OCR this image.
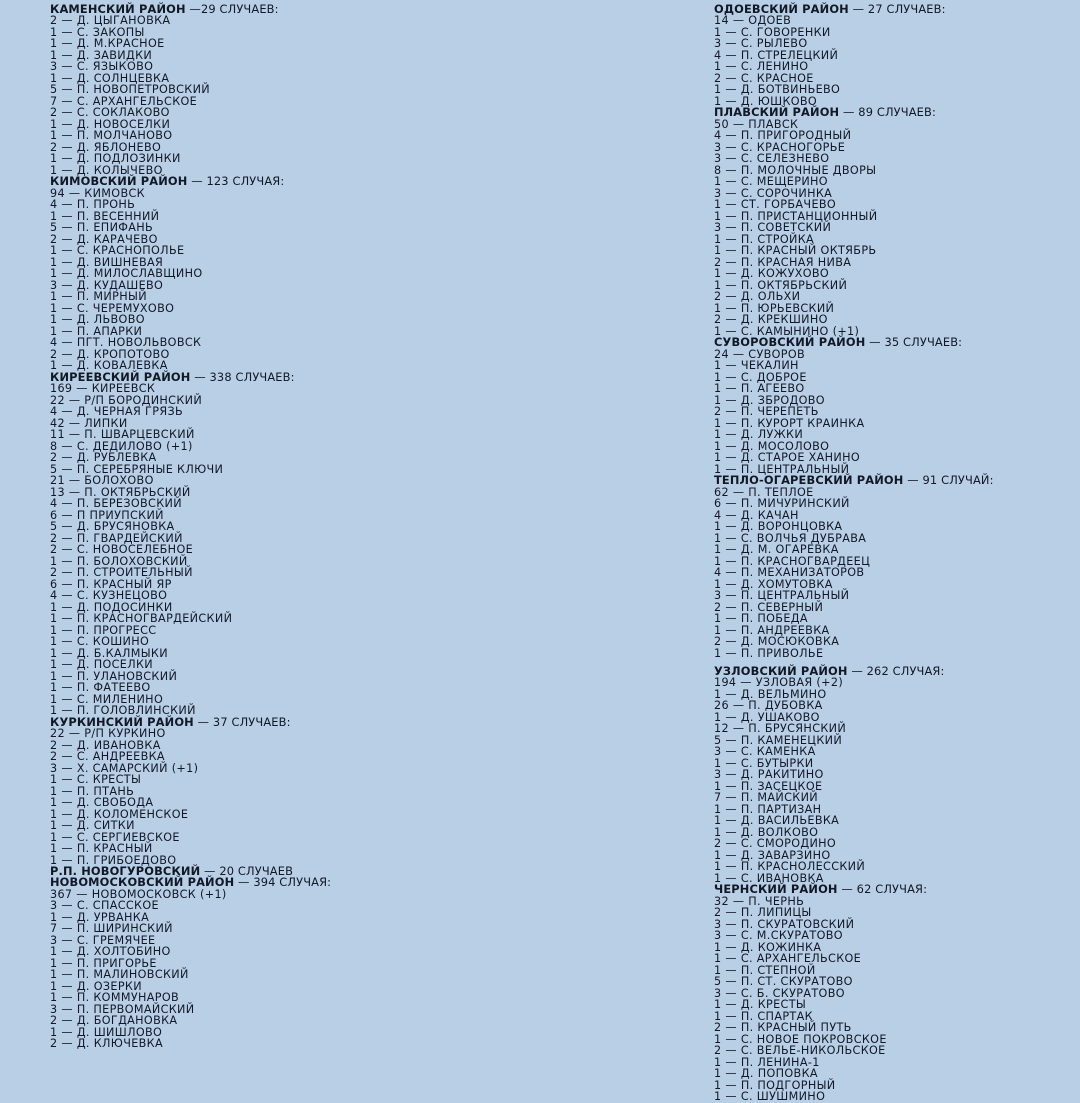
КАМЕНСКИЙ РАЙОН —29 СЛУЧАЕВ:
2 — Д. ЦЫГАНОВКА
1 — С. ЗАКОПЫ
1 — Д. М.КРАСНОЕ
1 — Д. ЗАВИДКИ
3 — С. ЯЗЫКОВО
1 — Д. СОЛНЦЕВКА
5 — П. НОВОПЕТРОВСКИЙ
7 — С. АРХАНГЕЛЬСКОЕ
2 — С. СОКЛАКОВО
1 — Д. НОВОСЕЛКИ
1 — П. МОЛЧАНОВО
2 — Д. ЯБЛОНЕВО
1 — Д. ПОДЛОЗИНКИ
1 — Д. КОЛЫЧЕВО
КИМОВСКИЙ РАЙОН — 123 СЛУЧАЯ:
94 — КИМОВСК
4 — П. ПРОНЬ
1 — П. ВЕСЕННИЙ
5 — П. ЕПИФАНЬ
2 — Д. КАРАЧЕВО
1 — С. КРАСНОПОЛЬЕ
1 — Д. ВИШНЕВАЯ
1 — Д. МИЛОСЛАВЩИНО
3 — Д. КУДАШЕВО
1 — П. МИРНЫЙ
1 — С. ЧЕРЕМУХОВО
1 — Д. ЛЬВОВО
1 — П. АПАРКИ
4 — ПГТ. НОВОЛЬВОВСК
2 — Д. КРОПОТОВО
1 — Д. КОВАЛЕВКА
КИРЕЕВСКИЙ РАЙОН — 338 СЛУЧАЕВ:
169 — КИРЕЕВСК
22 — Р/П БОРОДИНСКИЙ
4 — Д. ЧЕРНАЯ ГРЯЗЬ
42 — ЛИПКИ
11 — П. ШВАРЦЕВСКИЙ
8 — С. ДЕДИЛОВО (+1)
2 — Д. РУБЛЕВКА
5 — П. СЕРЕБРЯНЫЕ КЛЮЧИ
21 — БОЛОХОВО
13 — П. ОКТЯБРЬСКИЙ
4 — П. БЕРЕЗОВСКИЙ
6 — П ПРИУПСКИЙ
5 — Д. БРУСЯНОВКА
2 — П. ГВАРДЕЙСКИЙ
2 — С. НОВОСЕЛЕБНОЕ
1 — П. БОЛОХОВСКИЙ
2 — П. СТРОИТЕЛЬНЫЙ
6 — П. КРАСНЫЙ ЯР
4 — С. КУЗНЕЦОВО
1 — Д. ПОДОСИНКИ
1 — П. КРАСНОГВАРДЕЙСКИЙ
1 — П. ПРОГРЕСС
1 — С. КОШИНО
1 — Д. Б.КАЛМЫКИ
1 — Д. ПОСЕЛКИ
1 — П. УЛАНОВСКИЙ
1 — П. ФАТЕЕВО
1 — С. МИЛЕНИНО
1 — П. ГОЛОВЛИНСКИЙ
КУРКИНСКИЙ РАЙОН — 37 СЛУЧАЕВ:
22 — Р/П КУРКИНО
2 — Д. ИВАНОВКА
2 — С. АНДРЕЕВКА
3 — Х. САМАРСКИЙ (+1)
1 — С. КРЕСТЫ
1 — П. ПТАНЬ
1 — Д. СВОБОДА
1 — Д. КОЛОМЕНСКОЕ
1 — Д. СИТКИ
1 — С. СЕРГИЕВСКОЕ
1 — П. КРАСНЫЙ
1 — П. ГРИБОЕДОВО
Р.П. НОВОГУРОВСКИЙ — 20 СЛУЧАЕВ
НОВОМОСКОВСКИЙ РАЙОН — 394 СЛУЧАЯ:
367 — НОВОМОСКОВСК (+1)
3 — С. СПАССКОЕ
1 — Д. УРВАНКА
7 — П. ШИРИНСКИЙ
3 — С. ГРЕМЯЧЕЕ
1 — Д. ХОЛТОБИНО
1 — П. ПРИГОРЬЕ
1 — П. МАЛИНОВСКИЙ
1 — Д. ОЗЕРКИ
1 — П. КОММУНАРОВ
3 — П. ПЕРВОМАЙСКИЙ
2 — Д. БОГДАНОВКА
1 — Д. ШИШЛОВО
2 — Д. КЛЮЧЕВКА
ОДОЕВСКИЙ РАЙОН — 27 СЛУЧАЕВ:
14 — ОДОЕВ
1 — С. ГОВОРЕНКИ
3 — С. РЫЛЕВО
4 — П. СТРЕЛЕЦКИЙ
1 — С. ЛЕНИНО
2 — С. КРАСНОЕ
1 — Д. БОТВИНЬЕВО
1 — Д. ЮШКОВО
ПЛАВСКИЙ РАЙОН — 89 СЛУЧАЕВ:
50 — ПЛАВСК
4 — П. ПРИГОРОДНЫЙ
3 — С. КРАСНОГОРЬЕ
3 — С. СЕЛЕЗНЕВО
8 — П. МОЛОЧНЫЕ ДВОРЫ
1 — С. МЕЩЕРИНО
3 — С. СОРОЧИНКА
1 — СТ. ГОРБАЧЕВО
1 — П. ПРИСТАНЦИОННЫЙ
3 — П. СОВЕТСКИЙ
1 — П. СТРОЙКА
1 — П. КРАСНЫЙ ОКТЯБРЬ
2 — П. КРАСНАЯ НИВА
1 — Д. КОЖУХОВО
1 — П. ОКТЯБРЬСКИЙ
2 — Д. ОЛЬХИ
1 — П. ЮРЬЕВСКИЙ
2 — Д. КРЕКШИНО
1 — С. КАМЫНИНО (+1)
СУВОРОВСКИЙ РАЙОН — 35 СЛУЧАЕВ:
24 — СУВОРОВ
1 — ЧЕКАЛИН
1 — С. ДОБРОЕ
1 — П. АГЕЕВО
1 — Д. ЗБРОДОВО
2 — П. ЧЕРЕПЕТЬ
1 — П. КУРОРТ КРАИНКА
1 — Д. ЛУЖКИ
1 — Д. МОСОЛОВО
1 — Д. СТАРОЕ ХАНИНО
1 — П. ЦЕНТРАЛЬНЫЙ
ТЕПЛО-ОГАРЕВСКИЙ РАЙОН — 91 СЛУЧАЙ:
62 — П. ТЕПЛОЕ
6 — П. МИЧУРИНСКИЙ
4 — Д. КАЧАН
1 — Д. ВОРОНЦОВКА
1 — С. ВОЛЧЬЯ ДУБРАВА
1 — Д. М. ОГАРЕВКА
1 — П. КРАСНОГВАРДЕЕЦ
4 — П. МЕХАНИЗАТОРОВ
1 — Д. ХОМУТОВКА
3 — П. ЦЕНТРАЛЬНЫЙ
2 — П. СЕВЕРНЫЙ
1 — П. ПОБЕДА
1 — П. АНДРЕЕВКА
2 — Д. МОСЮКОВКА
1 — П. ПРИВОЛЬЕ
УЗЛОВСКИЙ РАЙОН — 262 СЛУЧАЯ:
194 — УЗЛОВАЯ (+2)
1 — Д. ВЕЛЬМИНО
26 — П. ДУБОВКА
1 — Д. УШАКОВО
12 — П. БРУСЯНСКИЙ
5 — П. КАМЕНЕЦКИЙ
3 — С. КАМЕНКА
1 — С. БУТЫРКИ
3 — Д. РАКИТИНО
1 — П. ЗАСЕЦКОЕ
7 — П. МАЙСКИЙ
1 — П. ПАРТИЗАН
1 — Д. ВАСИЛЬЕВКА
1 — Д. ВОЛКОВО
2 — С. СМОРОДИНО
1 — Д. ЗАВАРЗИНО
1 — П. КРАСНОЛЕССКИЙ
1 — С. ИВАНОВКА
ЧЕРНСКИЙ РАЙОН — 62 СЛУЧАЯ:
32 — П. ЧЕРНЬ
2 — П. ЛИПИЦЫ
3 — П. СКУРАТОВСКИЙ
3 — С. М.СКУРАТОВО
1 — Д. КОЖИНКА
1 — С. АРХАНГЕЛЬСКОЕ
1 — П. СТЕПНОЙ
5 — П. СТ. СКУРАТОВО
3 — С. Б. СКУРАТОВО
1 — Д. КРЕСТЫ
1 — П. СПАРТАК
2 — П. КРАСНЫЙ ПУТЬ
1 — С. НОВОЕ ПОКРОВСКОЕ
2 — С. ВЕЛЬЕ-НИКОЛЬСКОЕ
1 — П. ЛЕНИНА-1
1 — Д. ПОПОВКА
1 — П. ПОДГОРНЫЙ
1 — С. ШУШМИНО
